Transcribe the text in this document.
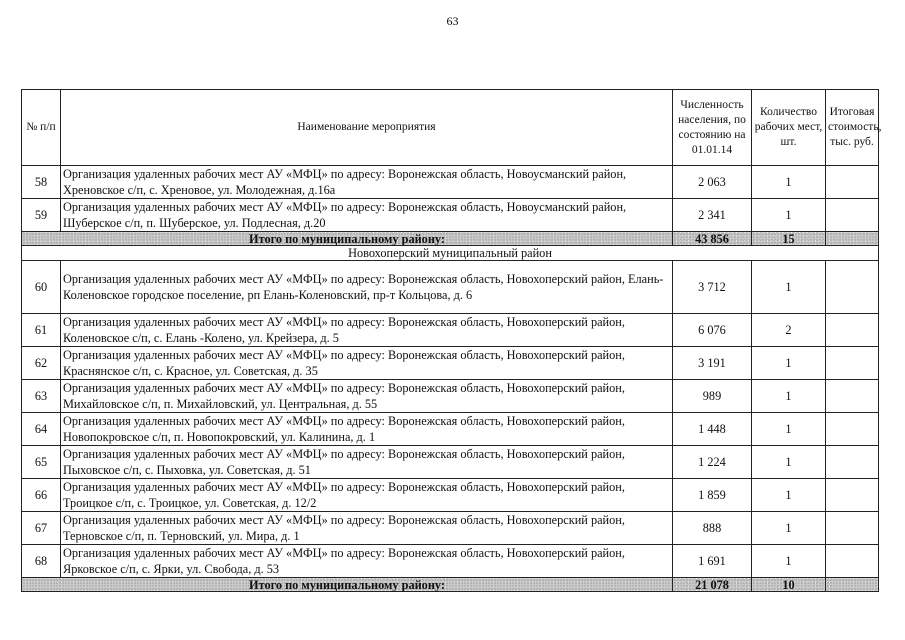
63
№ п/п	Наименование мероприятия	Численность населения, по состоянию на 01.01.14	Количество рабочих мест, шт.	Итоговая стоимость, тыс. руб.
58	Организация удаленных рабочих мест АУ «МФЦ» по адресу: Воронежская область, Новоусманский район, Хреновское с/п, с. Хреновое, ул. Молодежная, д.16а	2 063	1	
59	Организация удаленных рабочих мест АУ «МФЦ» по адресу: Воронежская область, Новоусманский район, Шуберское с/п, п. Шуберское, ул. Подлесная, д.20	2 341	1	
Итого по муниципальному району:		43 856	15	
Новохоперский муниципальный район				
60	Организация удаленных рабочих мест АУ «МФЦ» по адресу: Воронежская область, Новохоперский район, Елань-Коленовское городское поселение, рп Елань-Коленовский, пр-т Кольцова, д. 6	3 712	1	
61	Организация удаленных рабочих мест АУ «МФЦ» по адресу: Воронежская область, Новохоперский район, Коленовское с/п, с. Елань -Колено, ул. Крейзера, д. 5	6 076	2	
62	Организация удаленных рабочих мест АУ «МФЦ» по адресу: Воронежская область, Новохоперский район, Краснянское с/п, с. Красное, ул. Советская, д. 35	3 191	1	
63	Организация удаленных рабочих мест АУ «МФЦ» по адресу: Воронежская область, Новохоперский район, Михайловское с/п, п. Михайловский, ул. Центральная, д. 55	989	1	
64	Организация удаленных рабочих мест АУ «МФЦ» по адресу: Воронежская область, Новохоперский район, Новопокровское с/п, п. Новопокровский, ул. Калинина, д. 1	1 448	1	
65	Организация удаленных рабочих мест АУ «МФЦ» по адресу: Воронежская область, Новохоперский район, Пыховское с/п, с. Пыховка, ул. Советская, д. 51	1 224	1	
66	Организация удаленных рабочих мест АУ «МФЦ» по адресу: Воронежская область, Новохоперский район, Троицкое с/п, с. Троицкое, ул. Советская, д. 12/2	1 859	1	
67	Организация удаленных рабочих мест АУ «МФЦ» по адресу: Воронежская область, Новохоперский район, Терновское с/п, п. Терновский, ул. Мира, д. 1	888	1	
68	Организация удаленных рабочих мест АУ «МФЦ» по адресу: Воронежская область, Новохоперский район, Ярковское с/п, с. Ярки, ул. Свобода, д. 53	1 691	1	
Итого по муниципальному району:		21 078	10	
